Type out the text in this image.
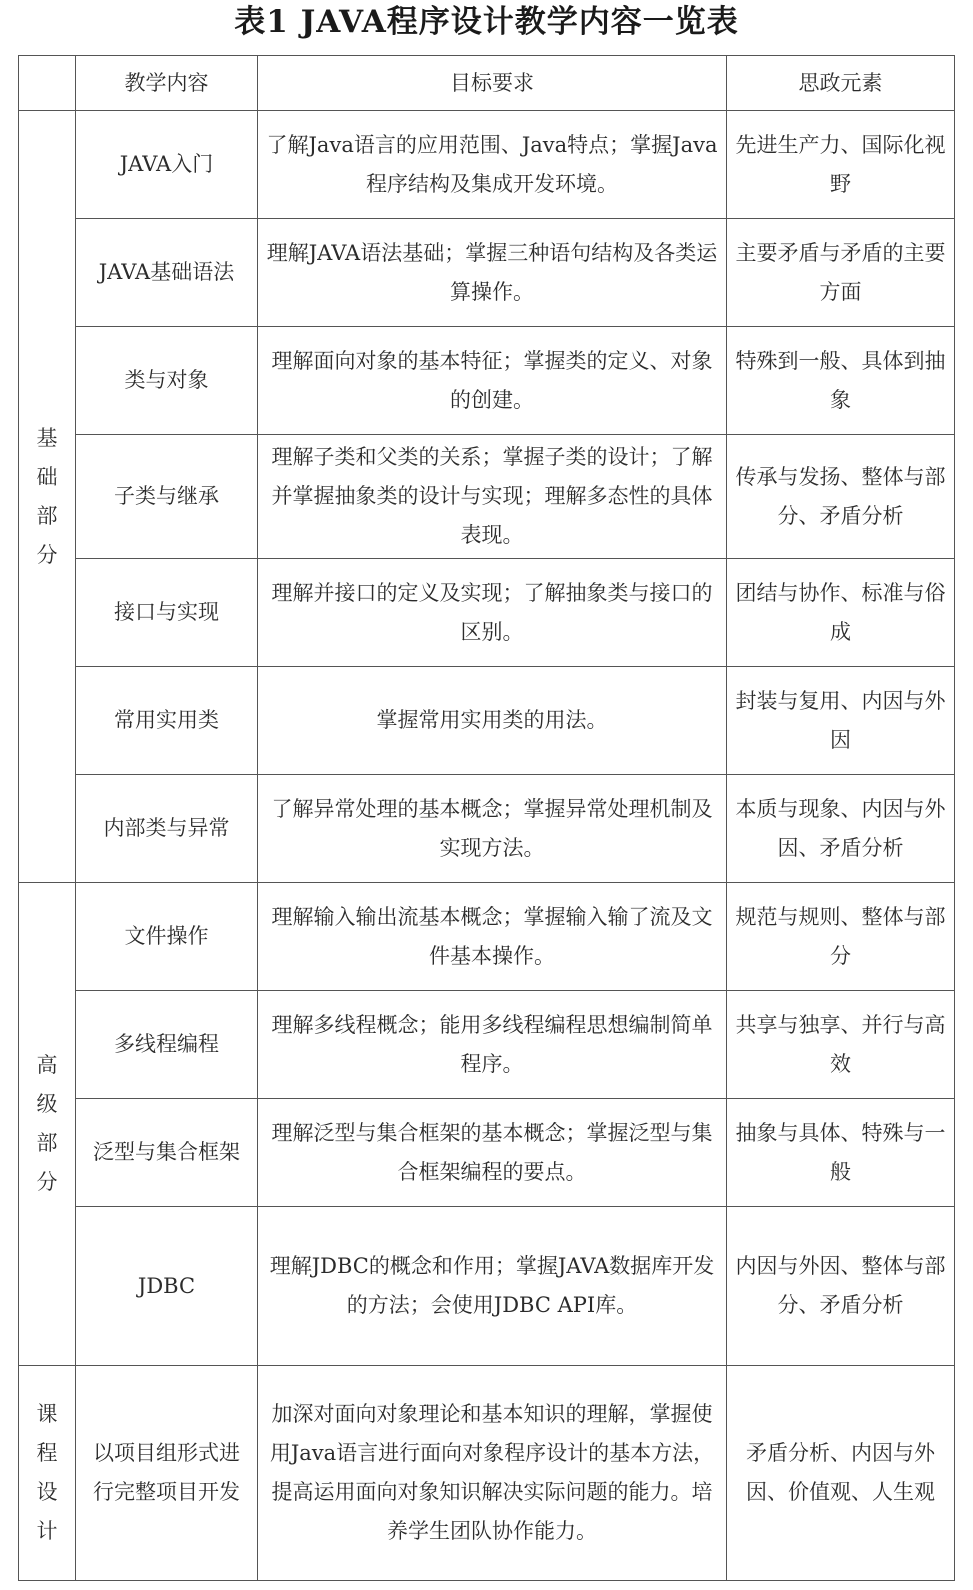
表1 JAVA程序设计教学内容一览表
	教学内容	目标要求	思政元素
基础部分	JAVA入门	了解Java语言的应用范围、Java特点；掌握Java程序结构及集成开发环境。	先进生产力、国际化视野
	JAVA基础语法	理解JAVA语法基础；掌握三种语句结构及各类运算操作。	主要矛盾与矛盾的主要方面
	类与对象	理解面向对象的基本特征；掌握类的定义、对象的创建。	特殊到一般、具体到抽象
	子类与继承	理解子类和父类的关系；掌握子类的设计；了解并掌握抽象类的设计与实现；理解多态性的具体表现。	传承与发扬、整体与部分、矛盾分析
	接口与实现	理解并接口的定义及实现；了解抽象类与接口的区别。	团结与协作、标准与俗成
	常用实用类	掌握常用实用类的用法。	封装与复用、内因与外因
	内部类与异常	了解异常处理的基本概念；掌握异常处理机制及实现方法。	本质与现象、内因与外因、矛盾分析
高级部分	文件操作	理解输入输出流基本概念；掌握输入输了流及文件基本操作。	规范与规则、整体与部分
	多线程编程	理解多线程概念；能用多线程编程思想编制简单程序。	共享与独享、并行与高效
	泛型与集合框架	理解泛型与集合框架的基本概念；掌握泛型与集合框架编程的要点。	抽象与具体、特殊与一般
	JDBC	理解JDBC的概念和作用；掌握JAVA数据库开发的方法；会使用JDBC API库。	内因与外因、整体与部分、矛盾分析
课程设计	以项目组形式进行完整项目开发	加深对面向对象理论和基本知识的理解，掌握使用Java语言进行面向对象程序设计的基本方法，提高运用面向对象知识解决实际问题的能力。培养学生团队协作能力。	矛盾分析、内因与外因、价值观、人生观
